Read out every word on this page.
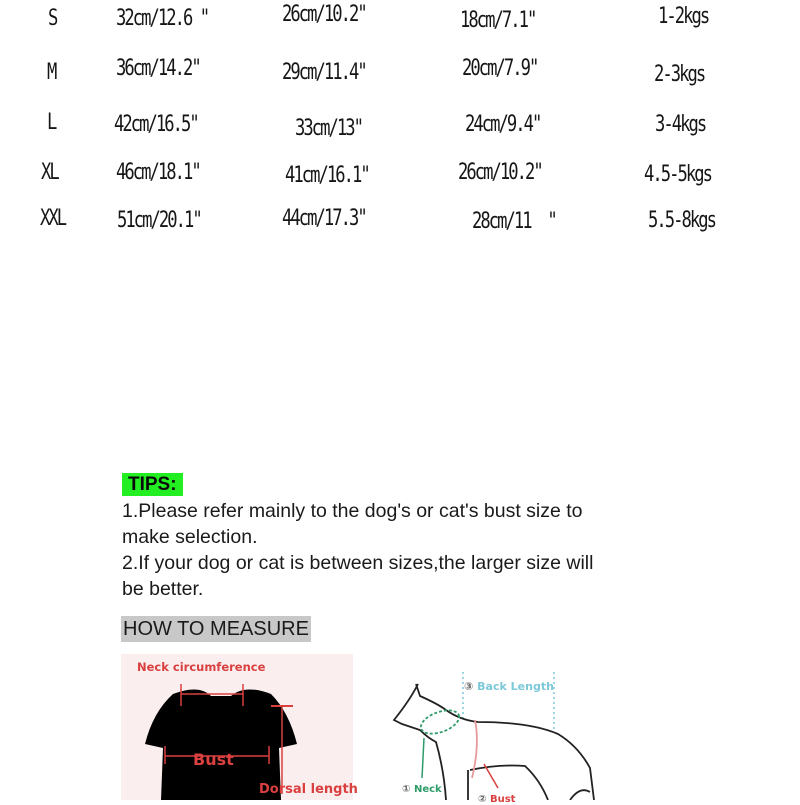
S	32cm/12.6 "	26cm/10.2"	18cm/7.1"	1-2kgs
M	36cm/14.2"	29cm/11.4"	20cm/7.9"	2-3kgs
L	42cm/16.5"	33cm/13"	24cm/9.4"	3-4kgs
XL	46cm/18.1"	41cm/16.1"	26cm/10.2"	4.5-5kgs
XXL 51cm/20.1"	44cm/17.3"	28cm/11  "	5.5-8kgs
TIPS:

1.Please refer mainly to the dog's or cat's bust size to

make selection.

2.If your dog or cat is between sizes,the larger size will

be better.

HOW TO MEASURE
Neck circumference
Bust
Dorsal length
③ Back Length
① Neck
② Bust
